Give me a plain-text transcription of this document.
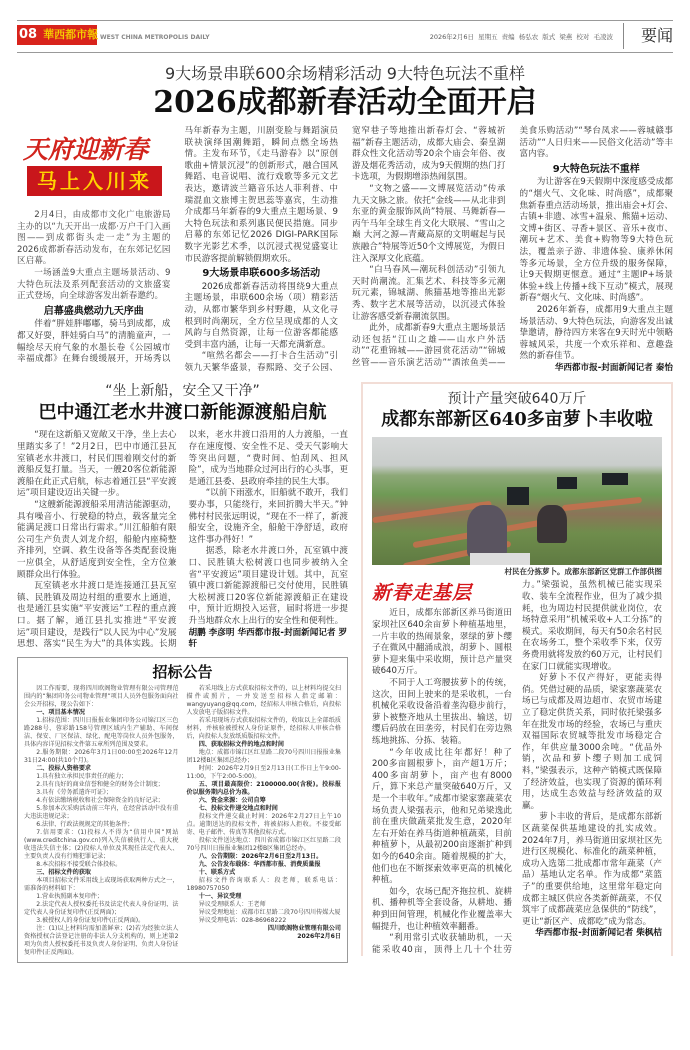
08 華西都市報 WEST CHINA METROPOLIS DAILY	2026年2月6日 星期五 责编 杨弘农 版式 梁燕 校对 毛凌波	要闻
9大场景串联600余场精彩活动 9大特色玩法不重样
2026成都新春活动全面开启
天府迎新春
马上入川来

2月4日，由成都市文化广电旅游局主办的以“九天开出一成都·万户千门入画图——到成都街头走一走”为主题的2026成都新春活动发布，在东郊记忆园区启幕。

一场涵盖9大重点主题场景活动、9大特色玩法及系列配套活动的文旅盛宴正式登场，向全球游客发出新春邀约。

启幕盛典燃动九天序曲

伴着“胖娃胖嘟嘟，骑马到成都，成都又好耍，胖娃骑白马”的清脆童声，一幅绘尽天府气象的水墨长卷《公园城市 幸福成都》在舞台缓缓展开，开场秀以马年新春为主题，川剧变脸与舞蹈演员联袂演绎国潮舞蹈，瞬间点燃全场热情。主发布环节，《走马游春》以“原创歌曲+情景沉浸”的创新形式，融合国风舞蹈、电音说唱、流行戏歌等多元文艺表达，邀请波兰籍音乐达人菲利普、中瑞混血文旅博主贺思蕊等嘉宾，生动推介成都马年新春的9大重点主题场景、9大特色玩法和系列惠民便民措施。同步启幕的东郊记忆2026 DIGI-PARK国际数字光影艺术季，以沉浸式视觉盛宴让市民游客提前解锁假期欢乐。

9大场景串联600多场活动

2026成都新春活动将围绕9大重点主题场景，串联600余场（项）精彩活动，从都市繁华到乡村野趣，从文化寻根到时尚潮玩，全方位呈现成都的人文风韵与自然资源，让每一位游客都能感受到丰富内涵，让每一天都充满新意。

“喧然名都会——打卡合生活动”引领九天繁华盛景，春熙路、交子公园、宽窄巷子等地推出新春灯会、“蓉城祈福”新春主题活动，成都大庙会、秦皇湖群众性文化活动等20余个庙会年俗、夜游及烟花秀活动，成为9天假期的热门打卡选项，为假期增添热闹氛围。

“文物之盛——文博展览活动”传承九天文脉之旅。依托“金线——从北非到东亚的黄金服饰风尚”特展、马舞新春—丙午马年全球生肖文化大联展、“雪山之巅 大河之源—青藏高原的文明崛起与民族融合”特展等近50个文博展览，为假日注入深厚文化底蕴。

“白马春风—潮玩科创活动”引领九天时尚潮流。汇集艺术、科技等多元潮玩元素，锦城湖、熊猫基地等推出光影秀、数字艺术展等活动，以沉浸式体验让游客感受新春潮流氛围。

此外，成都新春9大重点主题场景活动还包括“江山之雄——山水户外活动”“花重锦城——游园赏花活动”“锦城丝管——音乐演艺活动”“酒浓鱼美——美食乐购活动”“琴台凤求——蓉城赣事活动”“人日归来——民俗文化活动”等丰富内容。

9大特色玩法不重样

为让游客在9天假期中深度感受成都的“烟火气、文化味、时尚感”，成都聚焦新春重点活动场景，推出庙会+灯会、古镇+非遗、冰雪+温泉、熊猫+运动、文博+街区、寻香+景区、音乐+夜市、潮玩+艺术、美食+购物等9大特色玩法，覆盖亲子游、非遗体验、康养休闲等多元场景，全方位升级的服务保障，让9天假期更惬意。通过“主题IP+场景体验+线上传播+线下互动”模式，展现新春“烟火气、文化味、时尚感”。

2026年新春，成都用9大重点主题场景活动、9大特色玩法，向游客发出诚挚邀请，静待四方来客在9天时光中领略蓉城风采，共度一个欢乐祥和、意趣盎然的新春佳节。

华西都市报-封面新闻记者 秦怡
“坐上新船，安全又干净”
巴中通江老水井渡口新能源渡船启航

“现在这新船又宽敞又干净，坐上去心里踏实多了！”2月2日，巴中市通江县瓦室镇老水井渡口，村民们围着刚交付的新渡船反复打量。当天，一艘20客位新能源渡船在此正式启航，标志着通江县“平安渡运”项目建设迈出关键一步。

“这艘新能源渡船采用清洁能源驱动，具有噪音小、行驶稳的特点，载客量完全能满足渡口日常出行需求。”川江船舶有限公司生产负责人刘龙介绍，船舱内座椅整齐排列，空调、救生设备等各类配套设施一应俱全，从舒适度到安全性，全方位兼顾群众出行体验。

瓦室镇老水井渡口是连接通江县瓦室镇、民胜镇及周边村组的重要水上通道，也是通江县实施“平安渡运”工程的重点渡口。据了解，通江县扎实推进“平安渡运”项目建设，是践行“以人民为中心”发展思想、落实“民生为大”的具体实践。长期以来，老水井渡口沿用的人力渡船，一直存在速度慢、安全性不足、受天气影响大等突出问题，“费时间、怕刮风、担风险”，成为当地群众过河出行的心头事，更是通江县委、县政府牵挂的民生大事。

“以前下雨涨水，旧船就不敢开，我们要办事，只能绕行，来回折腾大半天。”钟佛村村民张远明说，“现在不一样了，新渡船安全，设施齐全，船舱干净舒适，政府这件事办得好！”

据悉，除老水井渡口外，瓦室镇中渡口、民胜镇大松树渡口也同步被纳入全省“平安渡运”项目建设计划。其中，瓦室镇中渡口新能源渡船已交付使用，民胜镇大松树渡口20客位新能源渡船正在建设中，预计近期投入运营，届时将进一步提升当地群众水上出行的安全性和便利性。

胡鹏 李彦明 华西都市报-封面新闻记者 罗轩
招标公告

因工作需要，现将四川欧阁物业管理有限公司管理范围内的“集团印务公司物业管理”项目人员外包服务面向社会公开招标，现公告如下：

一、项目基本情况

1.招标范围：四川日报报业集团印务公司锦江区三色路288号、蓉彩路158号管理区域内生产辅助、车间保洁、保安、厂区保洁、绿化、配电等岗位人员外包服务，具体内容详见招标文件第五章所列范围及要求。

2.服务期限：2026年3月1日00:00至2026年12月31日24:00(共10个月)。

二、投标人资格要求

1.具有独立承担民事责任的能力；

2.具有良好的商业信誉和健全的财务会计制度；

3.具有《劳务派遣许可证》；

4.有依法缴纳税收和社会保障资金的良好记录；

5.参加本次采购活动前三年内，在经营活动中没有重大违法违规记录；

6.法律、行政法规规定的其他条件；

7.信用要求：(1)投标人不得为“信用中国”网站(www.creditchina.gov.cn)列入失信被执行人、重大税收违法失信主体；(2)投标人单位及其现任法定代表人、主要负责人没有行贿犯罪记录；

8.本次招标不接受联合体投标。

三、招标文件的获取

本项目招标文件采用线上或现场获取两种方式之一，需准备的材料如下：

1.营业执照副本复印件；

2.法定代表人授权委托书及法定代表人身份证明、法定代表人身份证复印件(正反两面)；

3.被授权人的身份证复印件(正反两面)。

注：(1)以上材料均需加盖鲜章；(2)若为经独立法人资格授权合法登记注册的非法人分支机构的，则上述第2项为负责人授权委托书及负责人身份证明、负责人身份证复印件(正反两面)。

若采用线上方式获取招标文件的，以上材料均提交扫描件或照片，一并发送至招标人指定邮箱：wangyuyang@qq.com，经招标人审核合格后，向投标人发放电子版招标文件。

若采用现场方式获取招标文件的，收取以上全部纸质材料，并核验被授权人身份证原件，经招标人审核合格后，向投标人发放纸质版招标文件。

四、获取招标文件的地点和时间

地点：成都市锦江区红星路二段70号四川日报报业集团12楼B区集团总经办；

时间：2026年2月9日至2月13日(工作日上午9:00-11:00，下午2:00-5:00)。

五、项目最高限价：2100000.00(含税)。投标报价以服务期内总价为准。

六、资金来源：公司自筹

七、投标文件递交地点和时间

投标文件递交截止时间：2026年2月27日上午10点。逾期送达的投标文件，将被招标人拒收。不接受邮寄、电子邮件、传真等其他投标方式。

投标文件送达地点：四川省成都市锦江区红星路二段70号四川日报报业集团12楼B区集团总经办。

八、公告期限：2026年2月6日至2月13日。

九、公告发布载体：华西都市报、消费质量报

十、联系方式

招标文件咨询联系人：段老师，联系电话：18980757050

十一、异议受理

异议受理联系人：王老师

异议受理地址：成都市红星路二段70号四川传媒大厦

异议受理电话：028-86968222

四川欧阁物业管理有限公司

2026年2月6日

预计产量突破640万斤
成都东部新区640多亩萝卜丰收啦
村民在分拣萝卜。成都东部新区党群工作部供图
新春走基层

近日，成都东部新区养马街道田家坝社区640余亩萝卜种植基地里，一片丰收的热闹景象，翠绿的萝卜缨子在微风中翻涌成浪，胡萝卜、圆根萝卜迎来集中采收期，预计总产量突破640万斤。

不同于人工弯腰拔萝卜的传统，这次，田间上驶来的是采收机，一台机械化采收设备沿着垄沟稳步前行，萝卜被整齐地从土里拔出、输送，切缨后码放在田垄旁，村民们在旁边熟练地挑拣、分拣、装箱。

“今年收成比往年都好！种了200多亩圆根萝卜，亩产超1万斤；400多亩胡萝卜，亩产也有8000斤，算下来总产量突破640万斤，又是一个丰收年。”成都市梁家寨蔬菜农场负责人梁强表示，他和兄弟梁逸此前在重庆做蔬菜批发生意，2020年左右开始在养马街道种植蔬菜，目前种植萝卜，从最初200亩逐渐扩种到如今的640余亩。随着规模的扩大，他们也在不断探索效率更高的机械化种植。

如今，农场已配齐拖拉机、旋耕机、播种机等全套设备，从耕地、播种到田间管理，机械化作业覆盖率大幅提升，也让种植效率翻番。

“利用常引式收获辅助机，一天能采收40亩，顶得上几十个壮劳力。”梁强说，虽然机械已能实现采收、装车全流程作业，但为了减少损耗，也为周边村民提供就业岗位，农场特意采用“机械采收+人工分拣”的模式。采收期间，每天有50余名村民在农场务工，整个采收季下来，仅劳务费用就将发放约60万元，让村民们在家门口就能实现增收。

好萝卜不仅产得好，更能卖得俏。凭借过硬的品质，梁家寨蔬菜农场已与成都及周边超市、农贸市场建立了稳定供货关系，同时依托梁强多年在批发市场的经验，农场已与重庆双福国际农贸城等批发市场稳定合作，年供应量3000余吨。“优品外销，次品和萝卜缨子则加工成饲料，”梁强表示，这种产销模式既保障了经济效益，也实现了资源的循环利用，达成生态效益与经济效益的双赢。

萝卜丰收的背后，是成都东部新区蔬菜保供基地建设的扎实成效。2024年7月，养马街道田家坝社区先进行区规模化、标准化的蔬菜种植，成功入选第二批成都市常年蔬菜（产品）基地认定名单。作为成都“菜篮子”的重要供给地，这里常年稳定向成都主城区供应各类新鲜蔬菜，不仅筑牢了成都蔬菜应急保供的“防线”，更让“新区产、成都吃”成为常态。

华西都市报-封面新闻记者 柴枫桔
